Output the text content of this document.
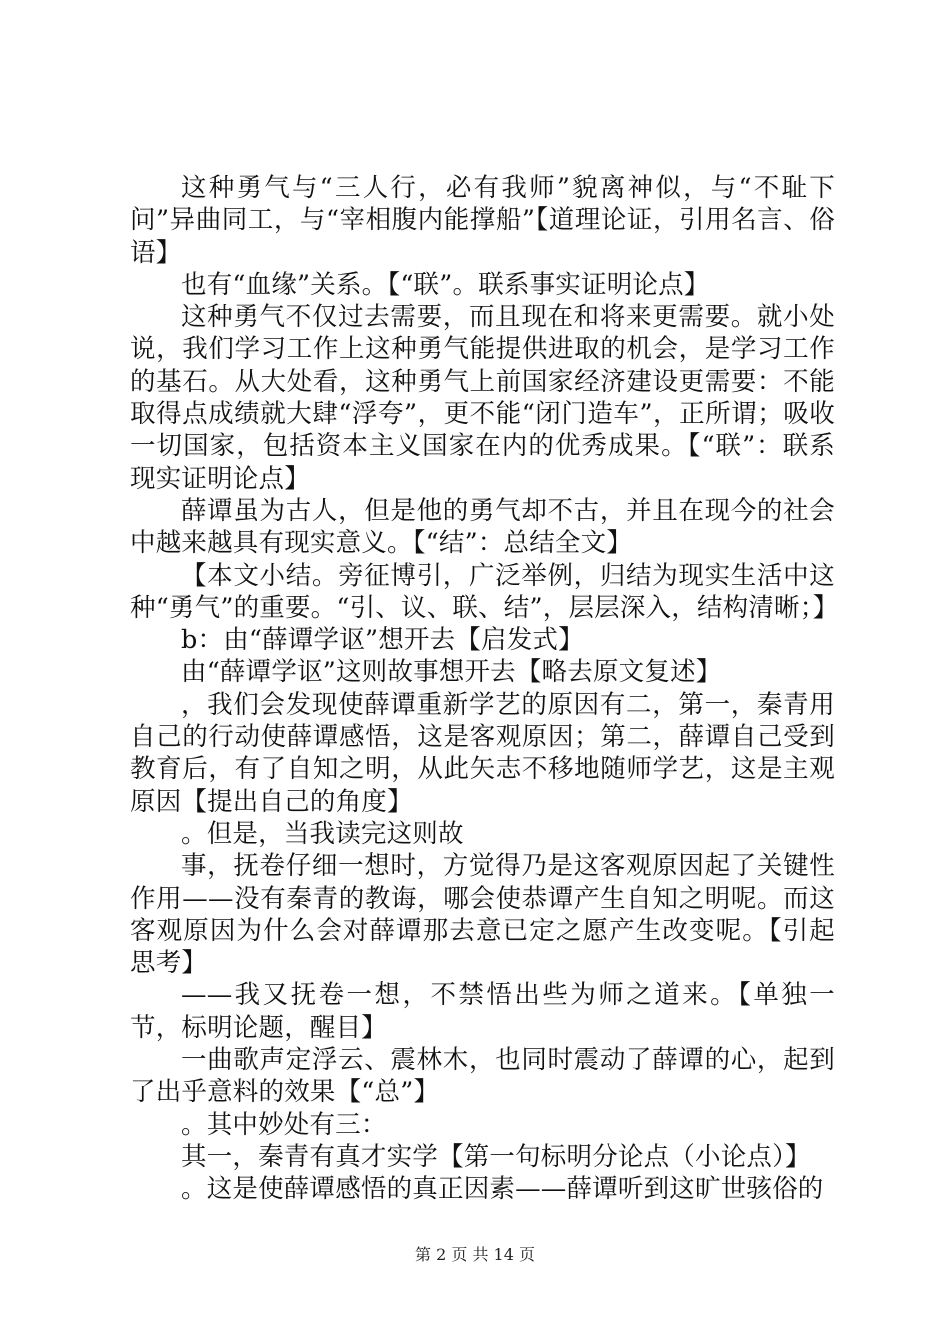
这种勇气与“三人行，必有我师”貌离神似，与“不耻下问”异曲同工，与“宰相腹内能撑船”【道理论证，引用名言、俗语】

也有“血缘”关系。【“联”。联系事实证明论点】

这种勇气不仅过去需要，而且现在和将来更需要。就小处说，我们学习工作上这种勇气能提供进取的机会，是学习工作的基石。从大处看，这种勇气上前国家经济建设更需要：不能取得点成绩就大肆“浮夸”，更不能“闭门造车”，正所谓；吸收一切国家，包括资本主义国家在内的优秀成果。【“联”：联系现实证明论点】

薛谭虽为古人，但是他的勇气却不古，并且在现今的社会中越来越具有现实意义。【“结”：总结全文】

【本文小结。旁征博引，广泛举例，归结为现实生活中这种“勇气”的重要。“引、议、联、结”，层层深入，结构清晰；】

b：由“薛谭学讴”想开去【启发式】

由“薛谭学讴”这则故事想开去【略去原文复述】

，我们会发现使薛谭重新学艺的原因有二，第一，秦青用自己的行动使薛谭感悟，这是客观原因；第二，薛谭自己受到教育后，有了自知之明，从此矢志不移地随师学艺，这是主观原因【提出自己的角度】

。但是，当我读完这则故

事，抚卷仔细一想时，方觉得乃是这客观原因起了关键性作用——没有秦青的教诲，哪会使恭谭产生自知之明呢。而这客观原因为什么会对薛谭那去意已定之愿产生改变呢。【引起思考】

——我又抚卷一想，不禁悟出些为师之道来。【单独一节，标明论题，醒目】

一曲歌声定浮云、震林木，也同时震动了薛谭的心，起到了出乎意料的效果【“总”】

。其中妙处有三：

其一，秦青有真才实学【第一句标明分论点（小论点）】

。这是使薛谭感悟的真正因素——薛谭听到这旷世骇俗的

第 2 页 共 14 页
